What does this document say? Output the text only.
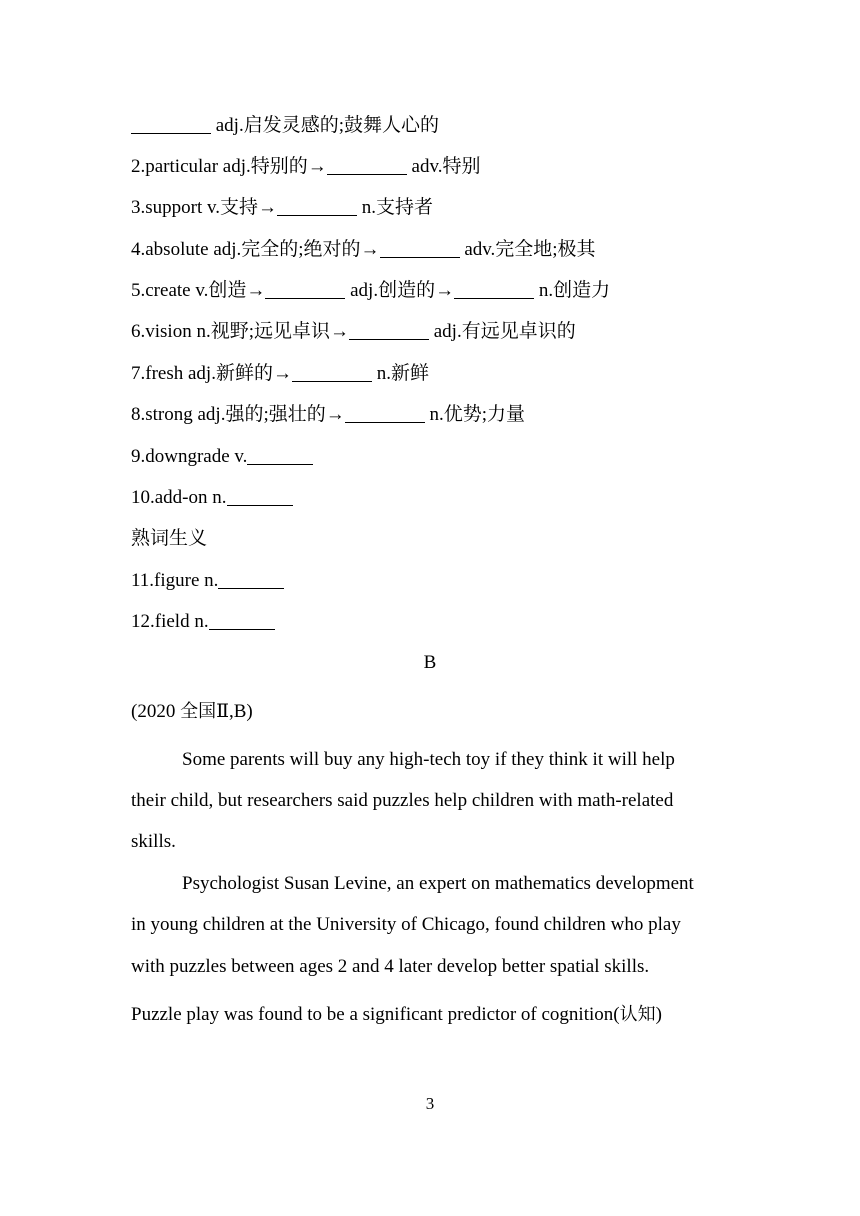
adj.启发灵感的;鼓舞人心的
2.particular adj.特别的→	adv.特别
3.support v.支持→	n.支持者
4.absolute adj.完全的;绝对的→	adv.完全地;极其
5.create v.创造→	adj.创造的→	n.创造力
6.vision n.视野;远见卓识→	adj.有远见卓识的
7.fresh adj.新鲜的→	n.新鲜
8.strong adj.强的;强壮的→	n.优势;力量
9.downgrade v.
10.add-on n.
熟词生义
11.figure n.
12.field n.
B
(2020 全国Ⅱ,B)
Some parents will buy any high-tech toy if they think it will help
their child, but researchers said puzzles help children with math-related
skills.
Psychologist Susan Levine, an expert on mathematics development
in young children at the University of Chicago, found children who play
with puzzles between ages 2 and 4 later develop better spatial skills.
Puzzle play was found to be a significant predictor of cognition(认知)
3
